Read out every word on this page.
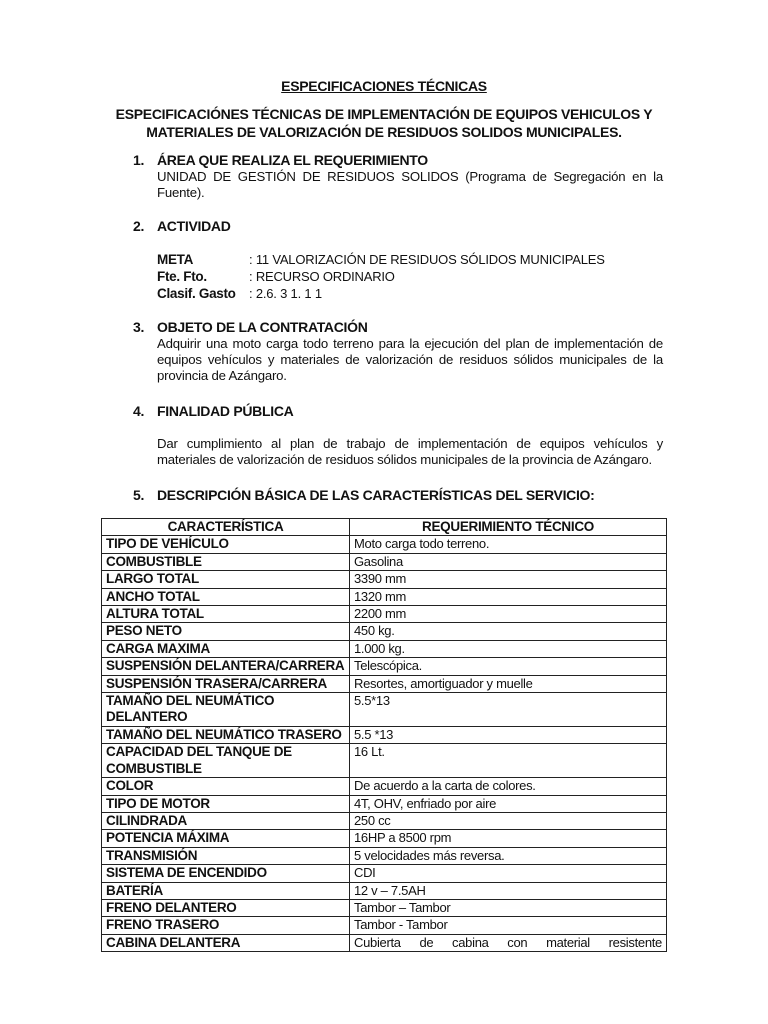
ESPECIFICACIONES TÉCNICAS
ESPECIFICACIÓNES TÉCNICAS DE IMPLEMENTACIÓN DE EQUIPOS VEHICULOS Y MATERIALES DE VALORIZACIÓN DE RESIDUOS SOLIDOS MUNICIPALES.
1. ÁREA QUE REALIZA EL REQUERIMIENTO
UNIDAD DE GESTIÓN DE RESIDUOS SOLIDOS (Programa de Segregación en la Fuente).
2. ACTIVIDAD
META	: 11 VALORIZACIÓN DE RESIDUOS SÓLIDOS MUNICIPALES
Fte. Fto.	: RECURSO ORDINARIO
Clasif. Gasto	: 2.6. 3 1. 1 1
3. OBJETO DE LA CONTRATACIÓN
Adquirir una moto carga todo terreno para la ejecución del plan de implementación de equipos vehículos y materiales de valorización de residuos sólidos municipales de la provincia de Azángaro.
4. FINALIDAD PÚBLICA
Dar cumplimiento al plan de trabajo de implementación de equipos vehículos y materiales de valorización de residuos sólidos municipales de la provincia de Azángaro.
5. DESCRIPCIÓN BÁSICA DE LAS CARACTERÍSTICAS DEL SERVICIO:
CARACTERÍSTICA	REQUERIMIENTO TÉCNICO
TIPO DE VEHÍCULO	Moto carga todo terreno.
COMBUSTIBLE	Gasolina
LARGO TOTAL	3390 mm
ANCHO TOTAL	1320 mm
ALTURA TOTAL	2200 mm
PESO NETO	450 kg.
CARGA MAXIMA	1.000 kg.
SUSPENSIÓN DELANTERA/CARRERA	Telescópica.
SUSPENSIÓN TRASERA/CARRERA	Resortes, amortiguador y muelle
TAMAÑO DEL NEUMÁTICO DELANTERO	5.5*13
TAMAÑO DEL NEUMÁTICO TRASERO	5.5 *13
CAPACIDAD DEL TANQUE DE COMBUSTIBLE	16 Lt.
COLOR	De acuerdo a la carta de colores.
TIPO DE MOTOR	4T, OHV, enfriado por aire
CILINDRADA	250 cc
POTENCIA MÁXIMA	16HP a 8500 rpm
TRANSMISIÓN	5 velocidades más reversa.
SISTEMA DE ENCENDIDO	CDI
BATERÍA	12 v – 7.5AH
FRENO DELANTERO	Tambor – Tambor
FRENO TRASERO	Tambor - Tambor
CABINA DELANTERA	Cubierta de cabina con material resistente
